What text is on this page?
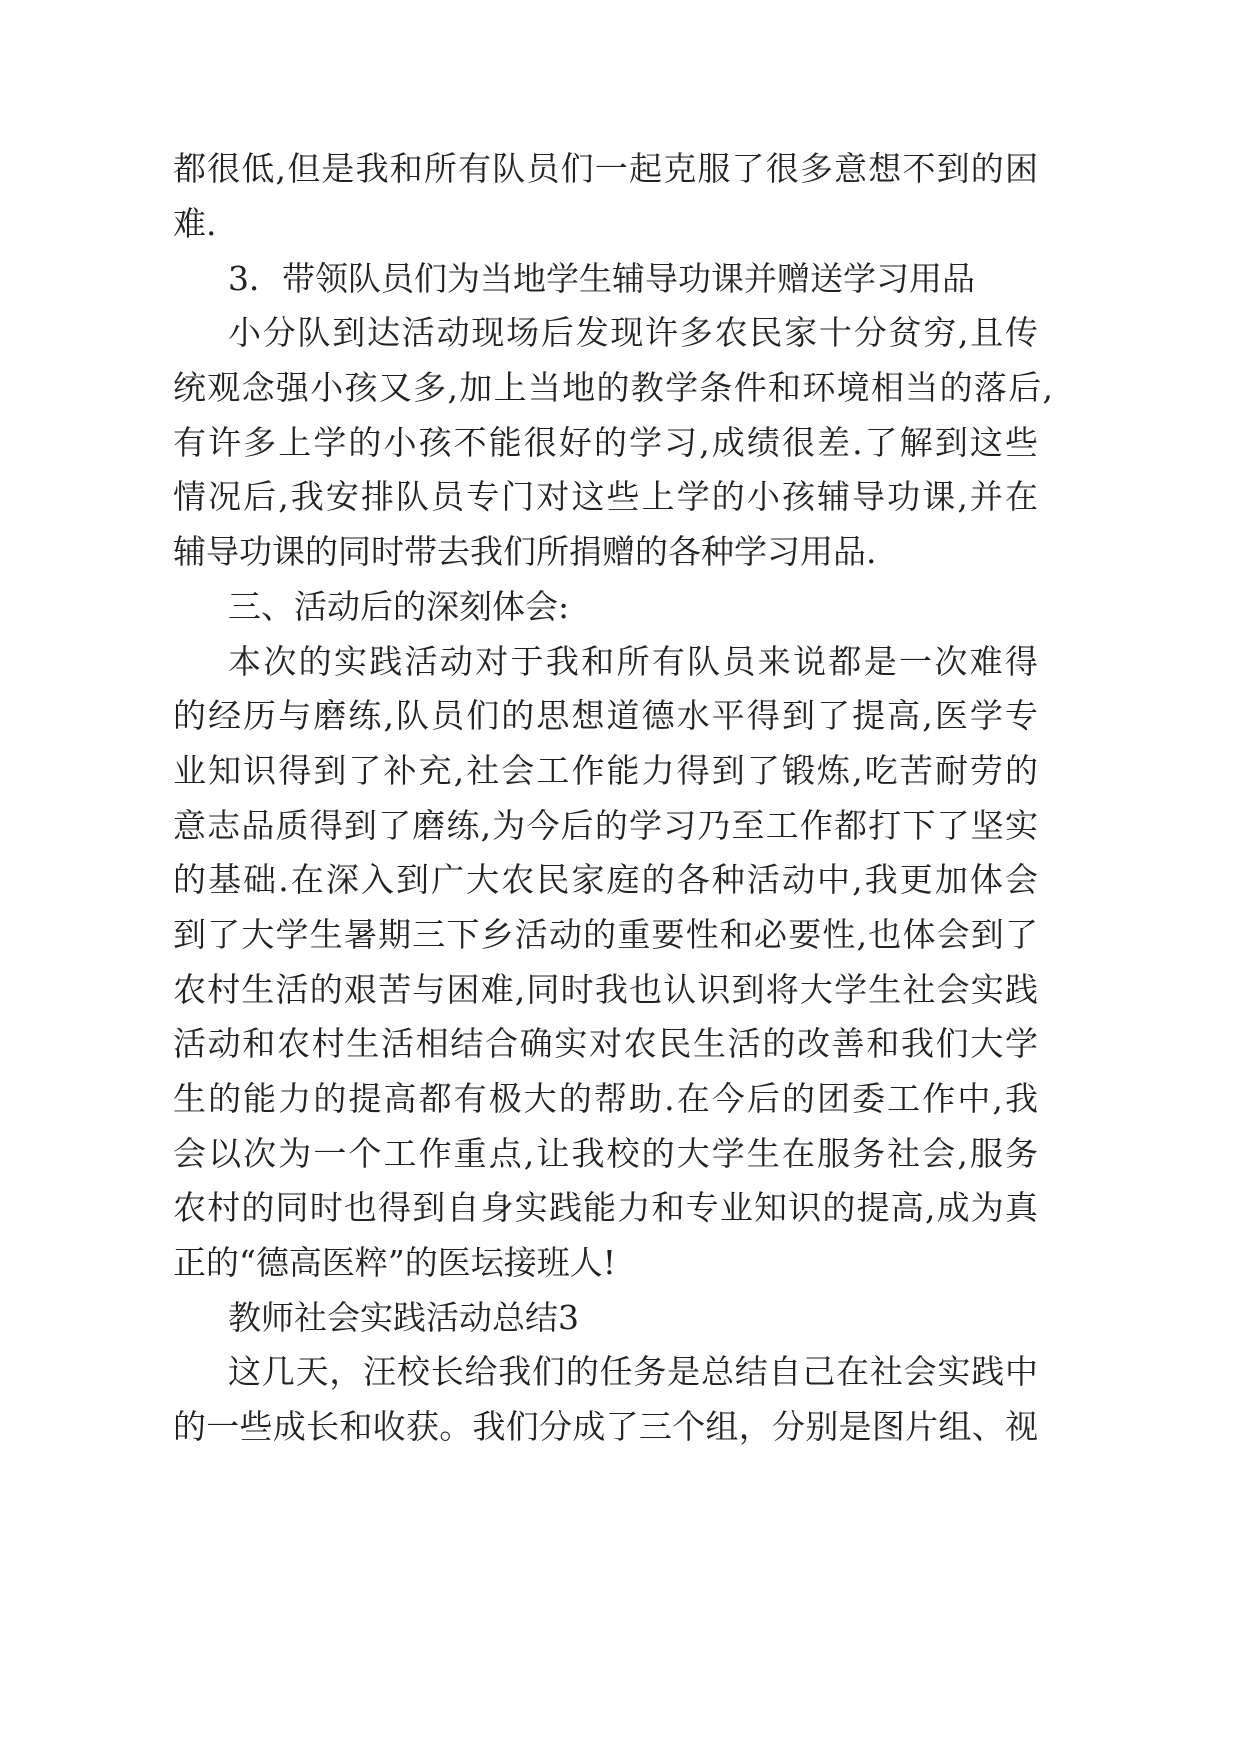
都很低,但是我和所有队员们一起克服了很多意想不到的困
难.
3．带领队员们为当地学生辅导功课并赠送学习用品
小分队到达活动现场后发现许多农民家十分贫穷,且传
统观念强小孩又多,加上当地的教学条件和环境相当的落后,
有许多上学的小孩不能很好的学习,成绩很差.了解到这些
情况后,我安排队员专门对这些上学的小孩辅导功课,并在
辅导功课的同时带去我们所捐赠的各种学习用品.
三、活动后的深刻体会:
本次的实践活动对于我和所有队员来说都是一次难得
的经历与磨练,队员们的思想道德水平得到了提高,医学专
业知识得到了补充,社会工作能力得到了锻炼,吃苦耐劳的
意志品质得到了磨练,为今后的学习乃至工作都打下了坚实
的基础.在深入到广大农民家庭的各种活动中,我更加体会
到了大学生暑期三下乡活动的重要性和必要性,也体会到了
农村生活的艰苦与困难,同时我也认识到将大学生社会实践
活动和农村生活相结合确实对农民生活的改善和我们大学
生的能力的提高都有极大的帮助.在今后的团委工作中,我
会以次为一个工作重点,让我校的大学生在服务社会,服务
农村的同时也得到自身实践能力和专业知识的提高,成为真
正的“德高医粹”的医坛接班人!
教师社会实践活动总结3
这几天，汪校长给我们的任务是总结自己在社会实践中
的一些成长和收获。我们分成了三个组，分别是图片组、视
